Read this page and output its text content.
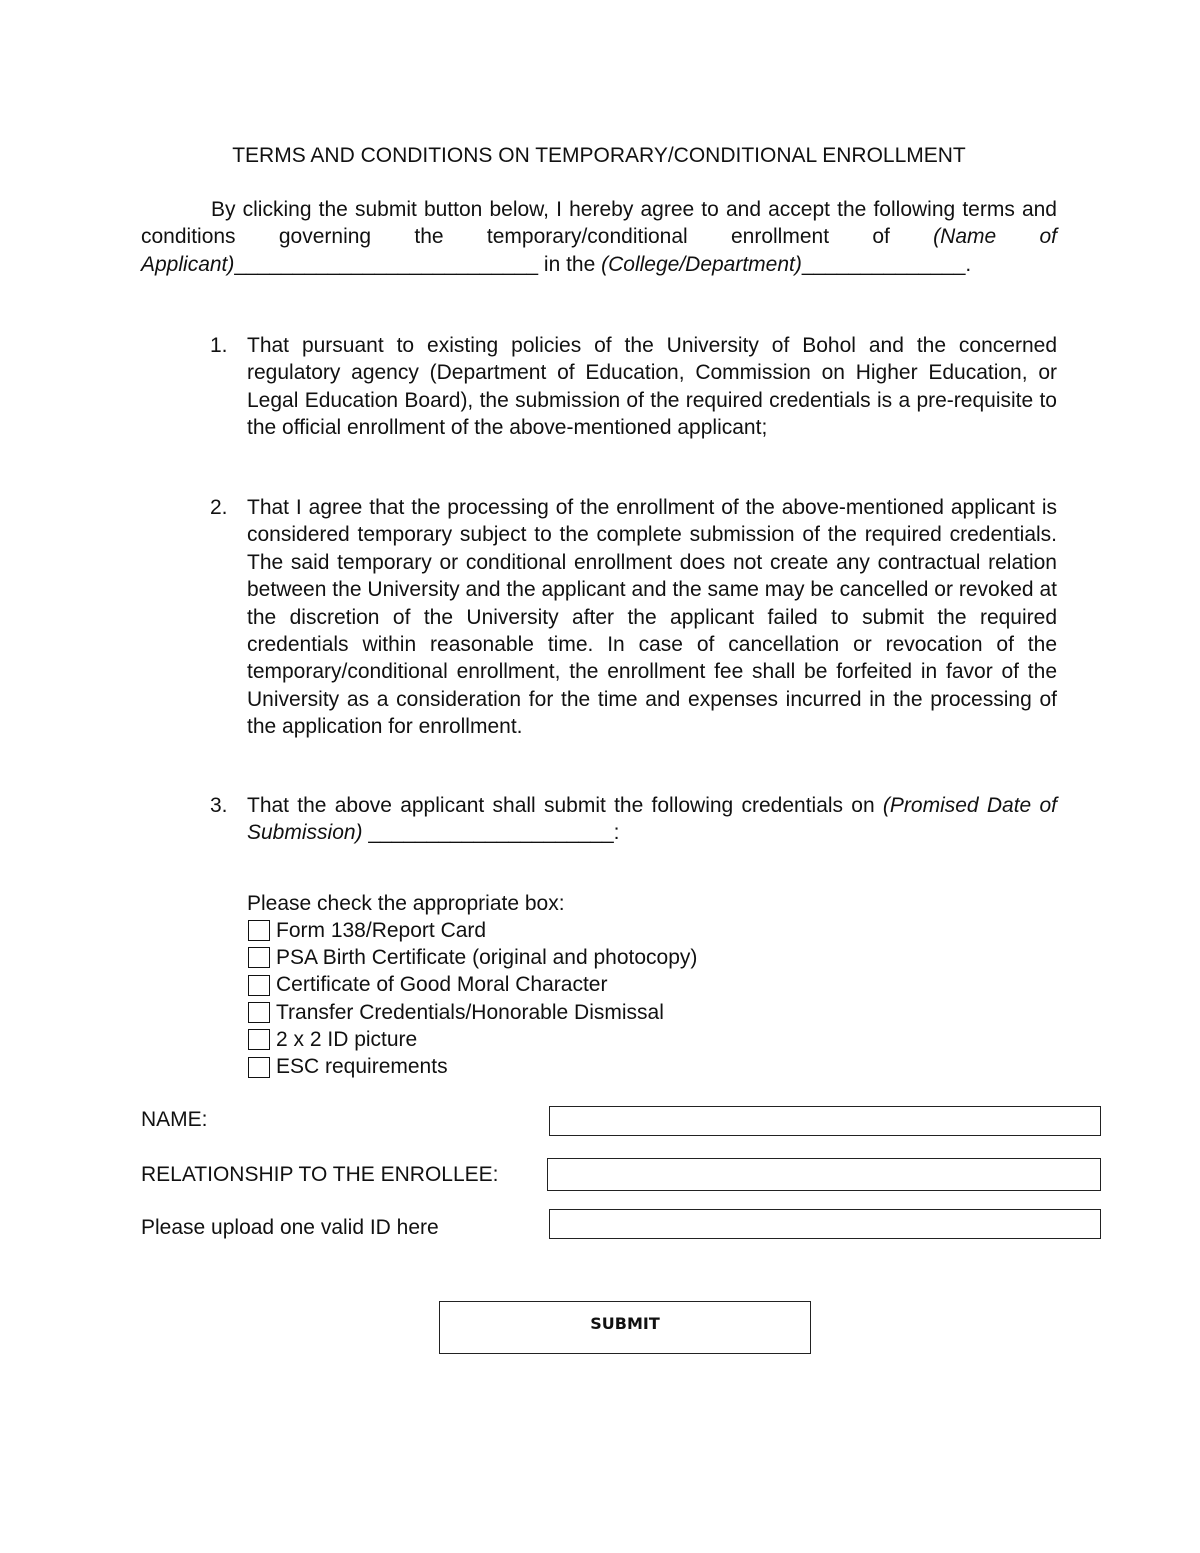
TERMS AND CONDITIONS ON TEMPORARY/CONDITIONAL ENROLLMENT
By clicking the submit button below, I hereby agree to and accept the following terms and conditions governing the temporary/conditional enrollment of (Name of Applicant)__________________________ in the (College/Department)______________.
1. That pursuant to existing policies of the University of Bohol and the concerned regulatory agency (Department of Education, Commission on Higher Education, or Legal Education Board), the submission of the required credentials is a pre-requisite to the official enrollment of the above-mentioned applicant;
2. That I agree that the processing of the enrollment of the above-mentioned applicant is considered temporary subject to the complete submission of the required credentials. The said temporary or conditional enrollment does not create any contractual relation between the University and the applicant and the same may be cancelled or revoked at the discretion of the University after the applicant failed to submit the required credentials within reasonable time. In case of cancellation or revocation of the temporary/conditional enrollment, the enrollment fee shall be forfeited in favor of the University as a consideration for the time and expenses incurred in the processing of the application for enrollment.
3. That the above applicant shall submit the following credentials on (Promised Date of Submission) _____________________:
Please check the appropriate box:
Form 138/Report Card
PSA Birth Certificate (original and photocopy)
Certificate of Good Moral Character
Transfer Credentials/Honorable Dismissal
2 x 2 ID picture
ESC requirements
NAME:
RELATIONSHIP TO THE ENROLLEE:
Please upload one valid ID here
SUBMIT
